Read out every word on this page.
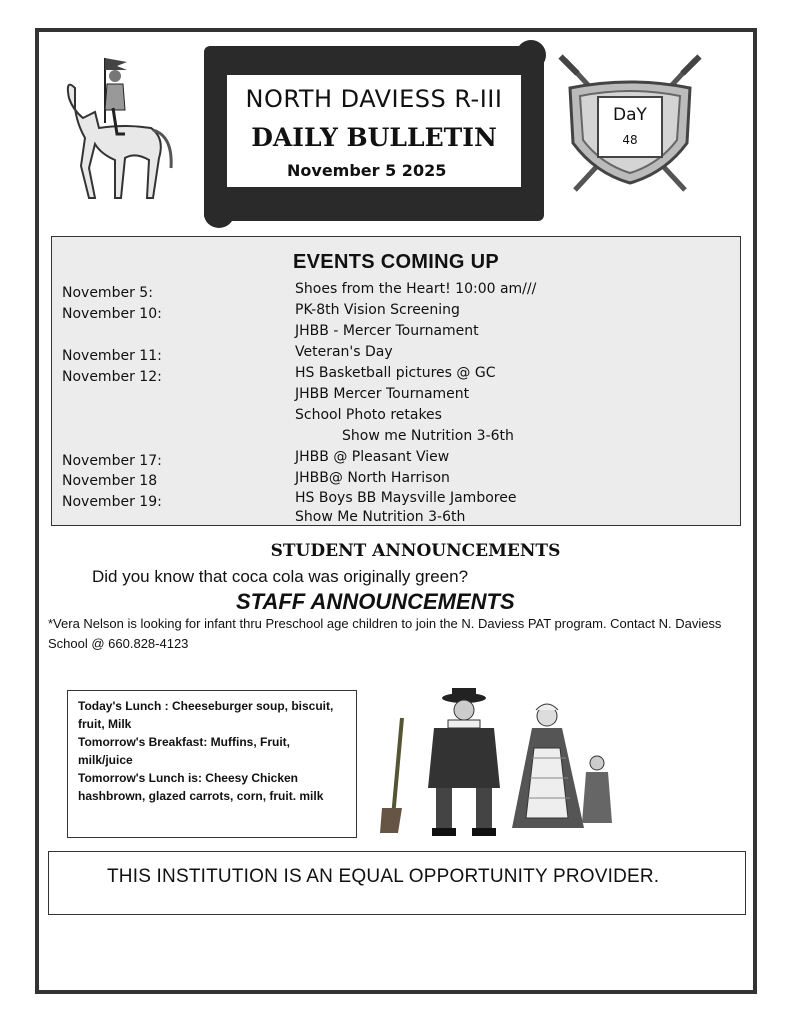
NORTH DAVIESS R-III
DAILY BULLETIN
November 5 2025
DaY
48
EVENTS COMING UP
November 5:	Shoes from the Heart! 10:00 am///
November 10:	PK-8th Vision Screening
JHBB - Mercer Tournament
November 11:	Veteran's Day
November 12:	HS Basketball pictures @ GC
JHBB Mercer Tournament
School Photo retakes
Show me Nutrition 3-6th
November 17:	JHBB @ Pleasant View
November 18	JHBB@ North Harrison
November 19:	HS Boys BB Maysville Jamboree
Show Me Nutrition 3-6th
STUDENT ANNOUNCEMENTS
Did you know that coca cola was originally green?
STAFF ANNOUNCEMENTS
*Vera Nelson is looking for infant thru Preschool age children to join the N. Daviess PAT program. Contact N. Daviess School @ 660.828-4123

Today's Lunch : Cheeseburger soup, biscuit, fruit, Milk

Tomorrow's Breakfast: Muffins, Fruit, milk/juice

Tomorrow's Lunch is: Cheesy Chicken hashbrown, glazed carrots, corn, fruit. milk

THIS INSTITUTION IS AN EQUAL OPPORTUNITY PROVIDER.
